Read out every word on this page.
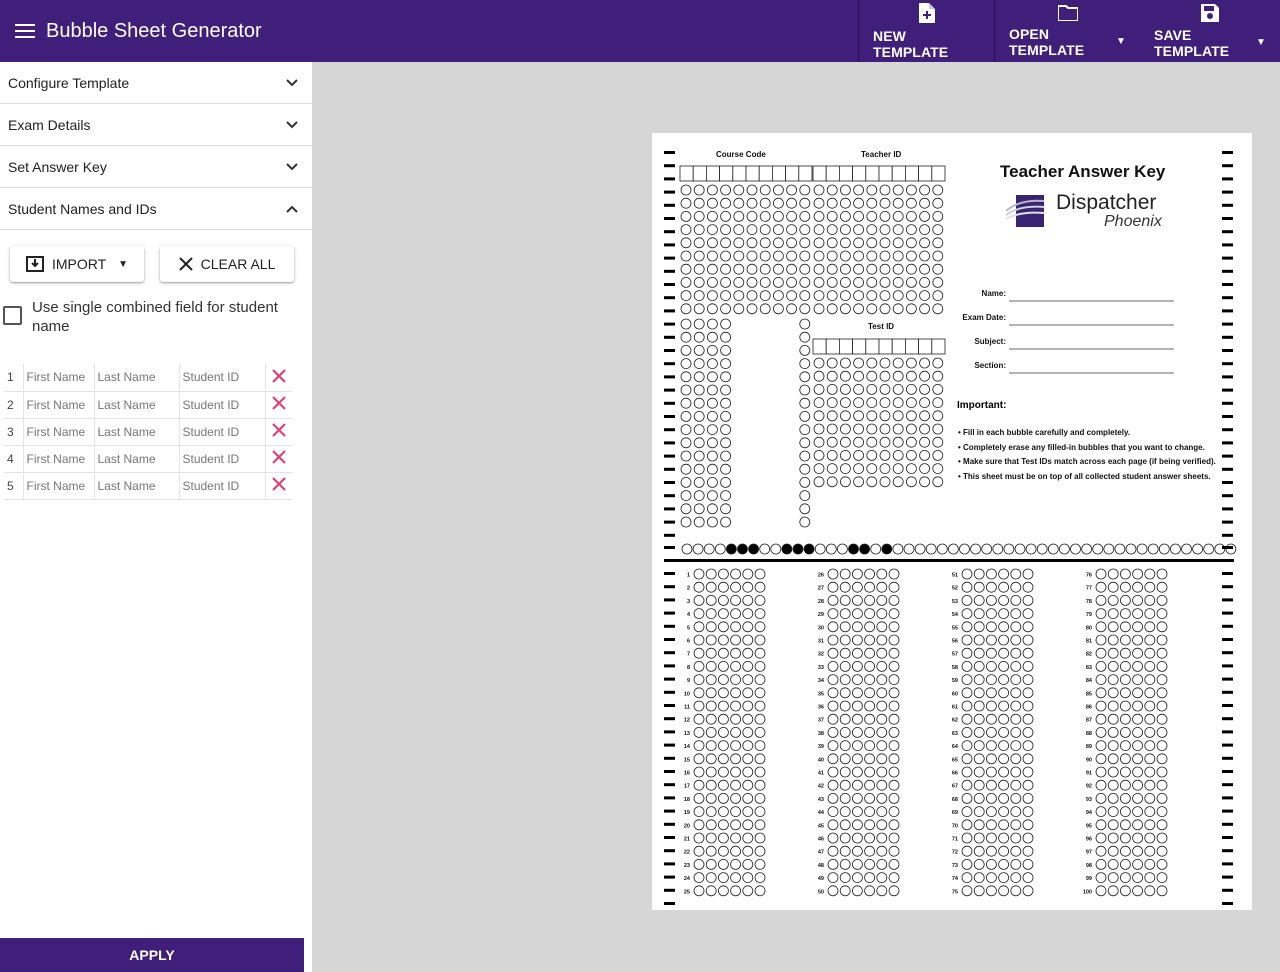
Bubble Sheet Generator	NEW TEMPLATE
OPEN TEMPLATE	▼ SAVE TEMPLATE	▼
Configure Template
Exam Details
Set Answer Key
Student Names and IDs
IMPORT ▼	CLEAR ALL
Use single combined field for student name
1	First Name	Last Name	Student ID	
2	First Name	Last Name	Student ID	
3	First Name	Last Name	Student ID	
4	First Name	Last Name	Student ID	
5	First Name	Last Name	Student ID	
APPLY
1
2
3
4
5
6
7
8
9
10
11
12
13
14
15
16
17
18
19
20
21
22
23
24
25
26
27
28
29
30
31
32
33
34
35
36
37
38
39
40
41
42
43
44
45
46
47
48
49
50
51
52
53
54
55
56
57
58
59
60
61
62
63
64
65
66
67
68
69
70
71
72
73
74
75
76
77
78
79
80
81
82
83
84
85
86
87
88
89
90
91
92
93
94
95
96
97
98
99
100
Course Code	Teacher ID
Test ID
Teacher Answer Key
Dispatcher
Phoenix
Name:
Exam Date:
Subject:
Section:
Important:
• Fill in each bubble carefully and completely.
• Completely erase any filled-in bubbles that you want to change.
• Make sure that Test IDs match across each page (if being verified).
• This sheet must be on top of all collected student answer sheets.
